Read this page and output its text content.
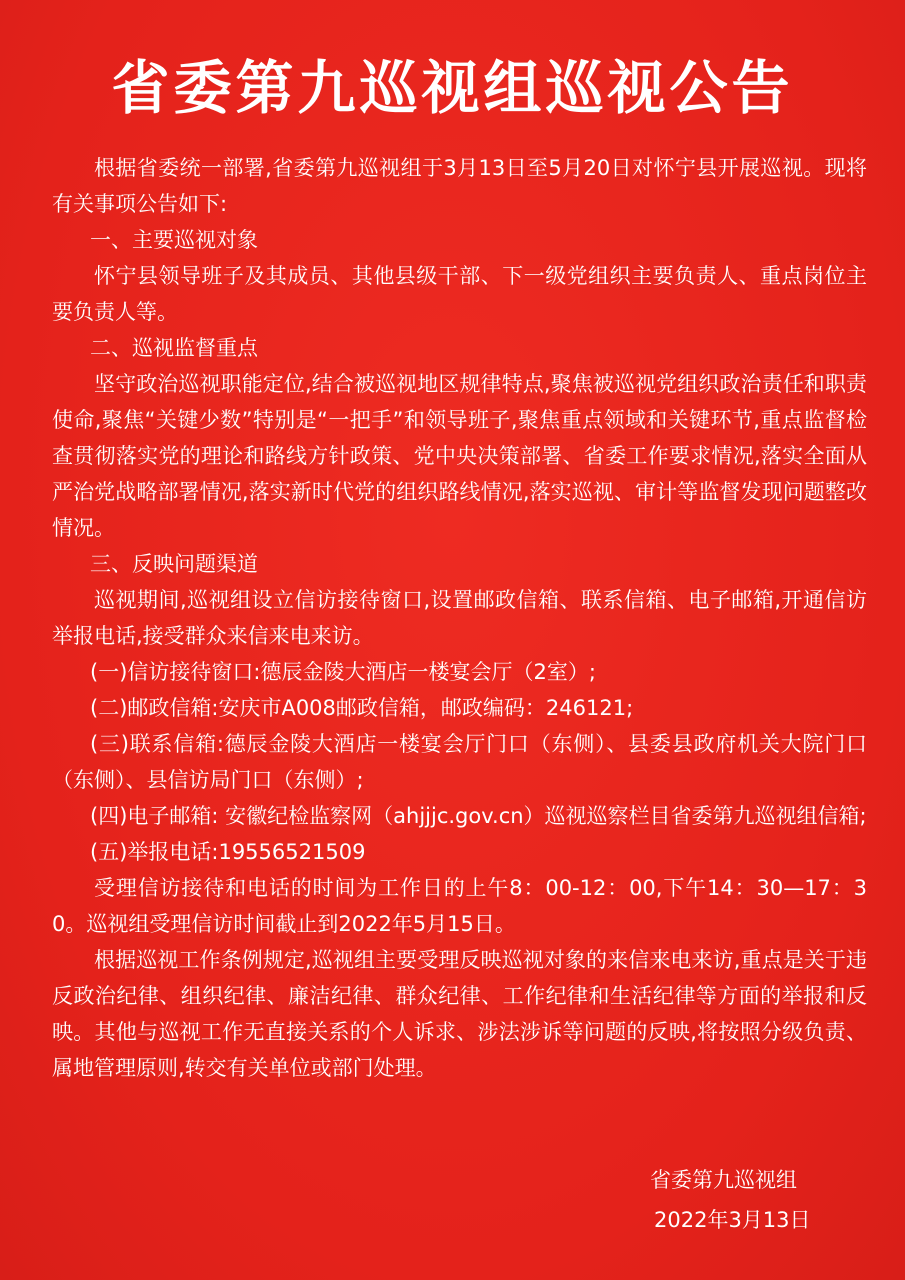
省委第九巡视组巡视公告

根据省委统一部署,省委第九巡视组于3月13日至5月20日对怀宁县开展巡视。现将有关事项公告如下:

一、主要巡视对象

怀宁县领导班子及其成员、其他县级干部、下一级党组织主要负责人、重点岗位主要负责人等。

二、巡视监督重点

坚守政治巡视职能定位,结合被巡视地区规律特点,聚焦被巡视党组织政治责任和职责使命,聚焦“关键少数”特别是“一把手”和领导班子,聚焦重点领域和关键环节,重点监督检查贯彻落实党的理论和路线方针政策、党中央决策部署、省委工作要求情况,落实全面从严治党战略部署情况,落实新时代党的组织路线情况,落实巡视、审计等监督发现问题整改情况。

三、反映问题渠道

巡视期间,巡视组设立信访接待窗口,设置邮政信箱、联系信箱、电子邮箱,开通信访举报电话,接受群众来信来电来访。

(一)信访接待窗口:德辰金陵大酒店一楼宴会厅（2室）;

(二)邮政信箱:安庆市A008邮政信箱，邮政编码：246121;

(三)联系信箱:德辰金陵大酒店一楼宴会厅门口（东侧）、县委县政府机关大院门口（东侧）、县信访局门口（东侧）;

(四)电子邮箱: 安徽纪检监察网（ahjjjc.gov.cn）巡视巡察栏目省委第九巡视组信箱;

(五)举报电话:19556521509

受理信访接待和电话的时间为工作日的上午8：00-12：00,下午14：30—17：30。巡视组受理信访时间截止到2022年5月15日。

根据巡视工作条例规定,巡视组主要受理反映巡视对象的来信来电来访,重点是关于违反政治纪律、组织纪律、廉洁纪律、群众纪律、工作纪律和生活纪律等方面的举报和反映。其他与巡视工作无直接关系的个人诉求、涉法涉诉等问题的反映,将按照分级负责、属地管理原则,转交有关单位或部门处理。

省委第九巡视组
2022年3月13日
